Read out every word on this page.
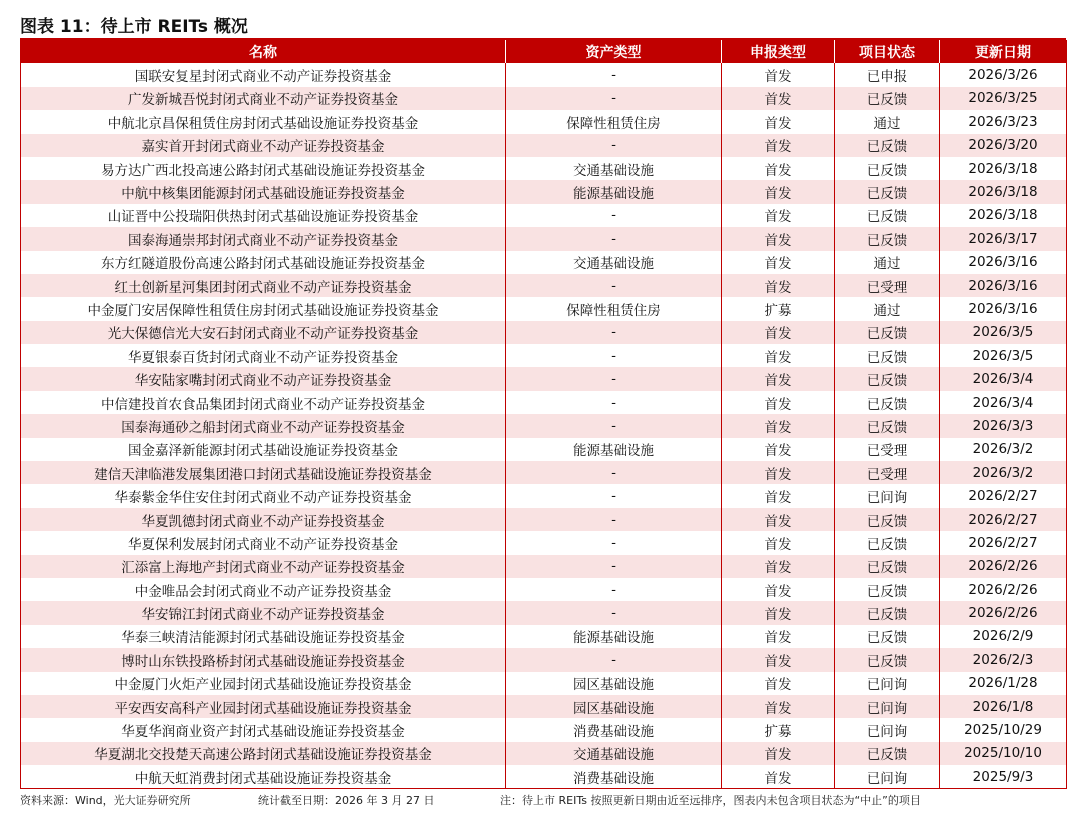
图表 11：待上市 REITs 概况
名称	资产类型	申报类型	项目状态	更新日期
国联安复星封闭式商业不动产证券投资基金	-	首发	已申报	2026/3/26
广发新城吾悦封闭式商业不动产证券投资基金	-	首发	已反馈	2026/3/25
中航北京昌保租赁住房封闭式基础设施证券投资基金	保障性租赁住房	首发	通过	2026/3/23
嘉实首开封闭式商业不动产证券投资基金	-	首发	已反馈	2026/3/20
易方达广西北投高速公路封闭式基础设施证券投资基金	交通基础设施	首发	已反馈	2026/3/18
中航中核集团能源封闭式基础设施证券投资基金	能源基础设施	首发	已反馈	2026/3/18
山证晋中公投瑞阳供热封闭式基础设施证券投资基金	-	首发	已反馈	2026/3/18
国泰海通崇邦封闭式商业不动产证券投资基金	-	首发	已反馈	2026/3/17
东方红隧道股份高速公路封闭式基础设施证券投资基金	交通基础设施	首发	通过	2026/3/16
红土创新星河集团封闭式商业不动产证券投资基金	-	首发	已受理	2026/3/16
中金厦门安居保障性租赁住房封闭式基础设施证券投资基金	保障性租赁住房	扩募	通过	2026/3/16
光大保德信光大安石封闭式商业不动产证券投资基金	-	首发	已反馈	2026/3/5
华夏银泰百货封闭式商业不动产证券投资基金	-	首发	已反馈	2026/3/5
华安陆家嘴封闭式商业不动产证券投资基金	-	首发	已反馈	2026/3/4
中信建投首农食品集团封闭式商业不动产证券投资基金	-	首发	已反馈	2026/3/4
国泰海通砂之船封闭式商业不动产证券投资基金	-	首发	已反馈	2026/3/3
国金嘉泽新能源封闭式基础设施证券投资基金	能源基础设施	首发	已受理	2026/3/2
建信天津临港发展集团港口封闭式基础设施证券投资基金	-	首发	已受理	2026/3/2
华泰紫金华住安住封闭式商业不动产证券投资基金	-	首发	已问询	2026/2/27
华夏凯德封闭式商业不动产证券投资基金	-	首发	已反馈	2026/2/27
华夏保利发展封闭式商业不动产证券投资基金	-	首发	已反馈	2026/2/27
汇添富上海地产封闭式商业不动产证券投资基金	-	首发	已反馈	2026/2/26
中金唯品会封闭式商业不动产证券投资基金	-	首发	已反馈	2026/2/26
华安锦江封闭式商业不动产证券投资基金	-	首发	已反馈	2026/2/26
华泰三峡清洁能源封闭式基础设施证券投资基金	能源基础设施	首发	已反馈	2026/2/9
博时山东铁投路桥封闭式基础设施证券投资基金	-	首发	已反馈	2026/2/3
中金厦门火炬产业园封闭式基础设施证券投资基金	园区基础设施	首发	已问询	2026/1/28
平安西安高科产业园封闭式基础设施证券投资基金	园区基础设施	首发	已问询	2026/1/8
华夏华润商业资产封闭式基础设施证券投资基金	消费基础设施	扩募	已问询	2025/10/29
华夏湖北交投楚天高速公路封闭式基础设施证券投资基金	交通基础设施	首发	已反馈	2025/10/10
中航天虹消费封闭式基础设施证券投资基金	消费基础设施	首发	已问询	2025/9/3
资料来源：Wind，光大证券研究所	统计截至日期：2026 年 3 月 27 日	注：待上市 REITs 按照更新日期由近至远排序，图表内未包含项目状态为“中止”的项目
